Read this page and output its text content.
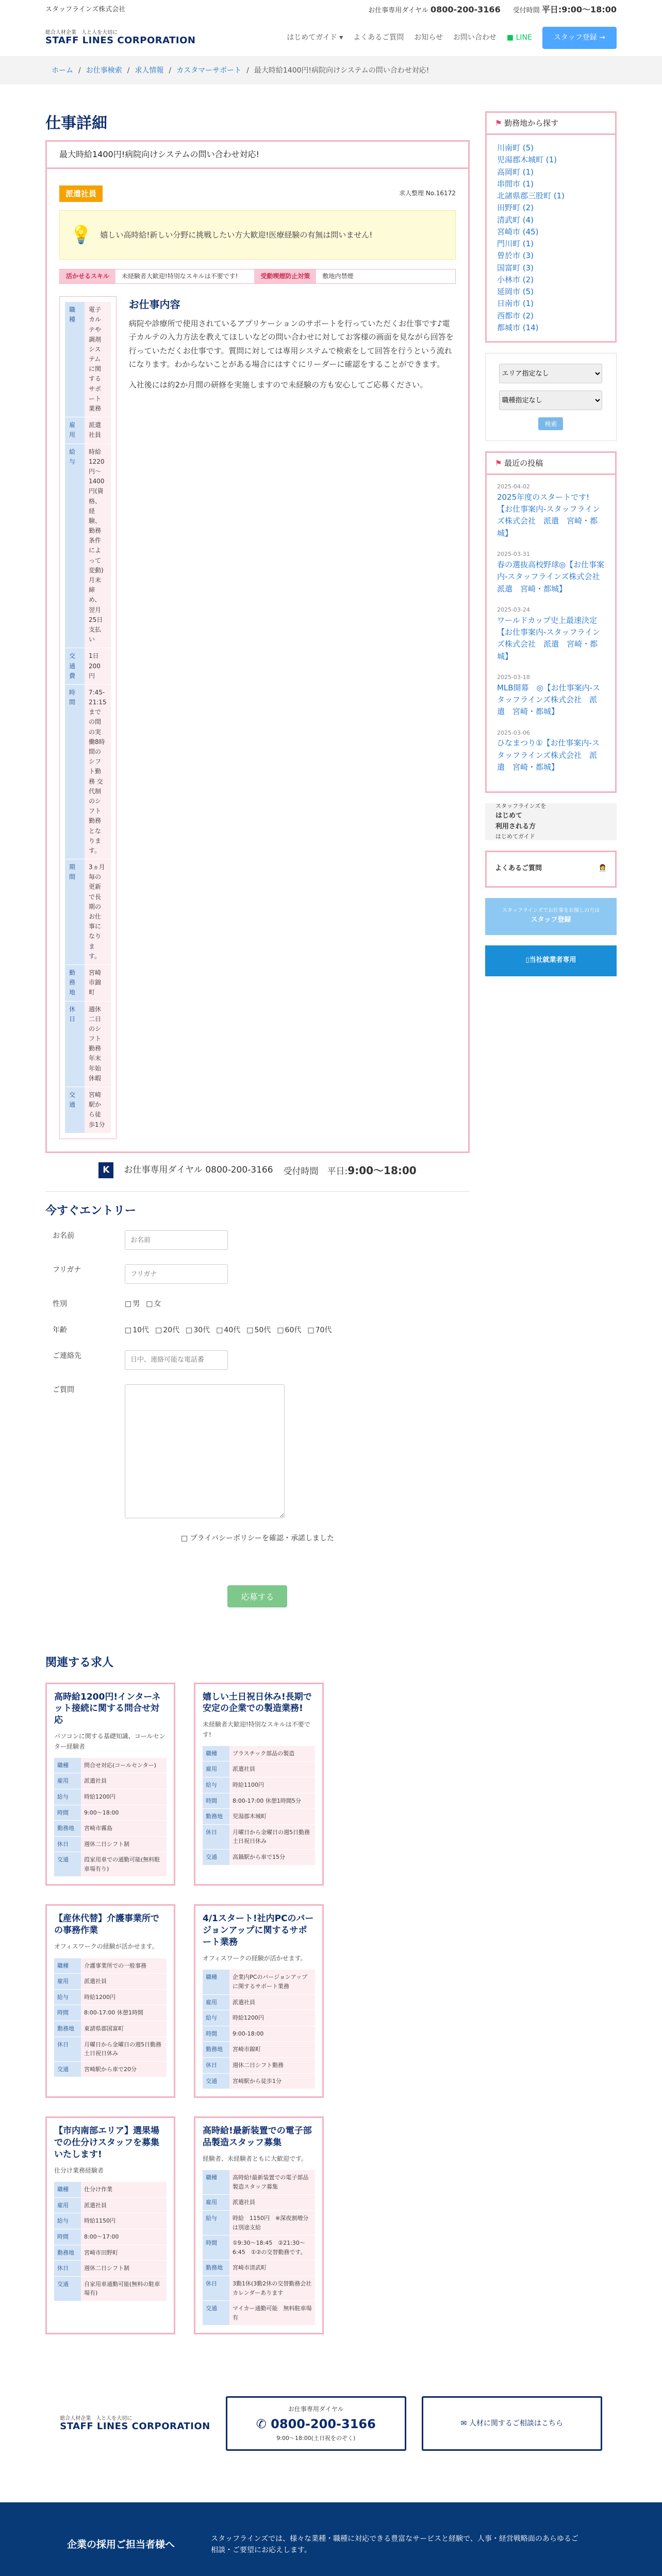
スタッフラインズ株式会社	お仕事専用ダイヤル 0800-200-3166 受付時間 平日:9:00〜18:00
総合人材企業　人と人を大切に
STAFF LINES CORPORATION	はじめてガイド ▾ よくあるご質問 お知らせ お問い合わせ ■ LINE	スタッフ登録 →
ホーム / お仕事検索 / 求人情報 / カスタマーサポート / 最大時給1400円!病院向けシステムの問い合わせ対応!
仕事詳細
最大時給1400円!病院向けシステムの問い合わせ対応!
派遣社員	求人整理 No.16172
💡 嬉しい高時給!新しい分野に挑戦したい方大歓迎!医療経験の有無は問いません!
活かせるスキル	未経験者大歓迎!特別なスキルは不要です!	受動喫煙防止対策	敷地内禁煙
職種	電子カルテや調剤システムに関するサポート業務
雇用	派遣社員
給与	時給1220円〜1400円(資格、経験、勤務条件によって変動) 月末締め、翌月25日支払い
交通費	1日200円
時間	7:45-21:15までの間の実働8時間のシフト勤務 交代制のシフト勤務となります。
期間	3ヵ月毎の更新で長期のお仕事になります。
勤務地	宮崎市錦町
休日	週休二日のシフト勤務　年末年始休暇
交通	宮崎駅から徒歩1分
お仕事内容

病院や診療所で使用されているアプリケーションのサポートを行っていただくお仕事です♪電子カルテの入力方法を教えてほしいなどの問い合わせに対してお客様の画面を見ながら回答を行っていただくお仕事です。質問に対しては専用システムで検索をして回答を行うという流れになります。わからないことがある場合にはすぐにリーダーに確認をすることができます。

入社後には約2か月間の研修を実施しますので未経験の方も安心してご応募ください。

K	お仕事専用ダイヤル 0800-200-3166 受付時間　平日:9:00〜18:00
今すぐエントリー
お名前
お名前
フリガナ
フリガナ
性別	□ 男	□ 女
年齢	□ 10代	□ 20代	□ 30代	□ 40代	□ 50代	□ 60代	□ 70代
ご連絡先
日中、連絡可能な電話番
ご質問
□ プライバシーポリシーを確認・承諾しました
応募する
関連する求人
高時給1200円!インターネット接続に関する問合せ対応
パソコンに関する基礎知識、コールセンター経験者
職種	問合せ対応(コールセンター)
雇用	派遣社員
給与	時給1200円
時間	9:00〜18:00
勤務地	宮崎市霧島
休日	週休二日シフト制
交通	葭家用車での通勤可能(無料駐車場有り)
嬉しい土日祝日休み!長期で安定の企業での製造業務!
未経験者大歓迎!特別なスキルは不要です!
職種	プラスチック部品の製造
雇用	派遣社員
給与	時給1100円
時間	8:00-17:00 休憩1時間5分
勤務地	児湯郡木城町
休日	月曜日から金曜日の週5日勤務　土日祝日休み
交通	高鍋駅から車で15分
【産休代替】介護事業所での事務作業
オフィスワークの経験が活かせます。
職種	介護事業所での一般事務
雇用	派遣社員
給与	時給1200円
時間	8:00-17:00 休憩1時間
勤務地	東諸県郡国富町
休日	月曜日から金曜日の週5日勤務　土日祝日休み
交通	宮崎駅から車で20分
4/1スタート!社内PCのバージョンアップに関するサポート業務
オフィスワークの経験が活かせます。
職種	企業内PCのバージョンアップに関するサポート業務
雇用	派遣社員
給与	時給1200円
時間	9:00-18:00
勤務地	宮崎市錦町
休日	週休二日シフト勤務
交通	宮崎駅から徒歩1分
【市内南部エリア】選果場での仕分けスタッフを募集いたします!
仕分け業務経験者
職種	仕分け作業
雇用	派遣社員
給与	時給1150円
時間	8:00〜17:00
勤務地	宮崎市田野町
休日	週休二日シフト制
交通	自家用車通勤可能(無料の駐車場有)
高時給!最新装置での電子部品製造スタッフ募集
経験者、未経験者ともに大歓迎です。
職種	高時給!最新装置での電子部品製造スタッフ募集
雇用	派遣社員
給与	時給　1150円　※深夜割増分は別途支給
時間	①9:30〜18:45　②21:30〜6:45　①②の交替勤務です。
勤務地	宮崎市清武町
休日	3勤1休(3勤2休の交替勤務会社カレンダーあります
交通	マイカー通勤可能　無料駐車場有
⚑ 勤務地から探す
川南町 (5)
児湯郡木城町 (1)
高岡町 (1)
串間市 (1)
北諸県郡三股町 (1)
田野町 (2)
清武町 (4)
宮崎市 (45)
門川町 (1)
曾於市 (3)
国富町 (3)
小林市 (2)
延岡市 (5)
日南市 (1)
西都市 (2)
都城市 (14)
エリア指定なし
職種指定なし 検索
⚑ 最近の投稿
2025-04-02
2025年度のスタートです!【お仕事案内-スタッフラインズ株式会社　派遣　宮崎・都城】
2025-03-31
春の選抜高校野球◎【お仕事案内-スタッフラインズ株式会社　派遣　宮崎・都城】
2025-03-24
ワールドカップ史上最速決定【お仕事案内-スタッフラインズ株式会社　派遣　宮崎・都城】
2025-03-18
MLB開幕　◎【お仕事案内-スタッフラインズ株式会社　派遣　宮崎・都城】
2025-03-06
ひなまつり①【お仕事案内-スタッフラインズ株式会社　派遣　宮崎・都城】
スタッフラインズを
はじめて
利用される方
はじめてガイド
よくあるご質問	👩‍💼
スタッフラインズでお仕事をお探しの方は
スタッフ登録
▯ 当社就業者専用
総合人材企業　人と人を大切に
STAFF LINES CORPORATION
お仕事専用ダイヤル
✆ 0800-200-3166
9:00〜18:00(土日祝をのぞく)
✉ 人材に関するご相談はこちら
企業の採用ご担当者様へ

スタッフラインズでは、様々な業種・職種に対応できる豊富なサービスと経験で、人事・経営戦略面のあらゆるご相談・ご要望にお応えします。
